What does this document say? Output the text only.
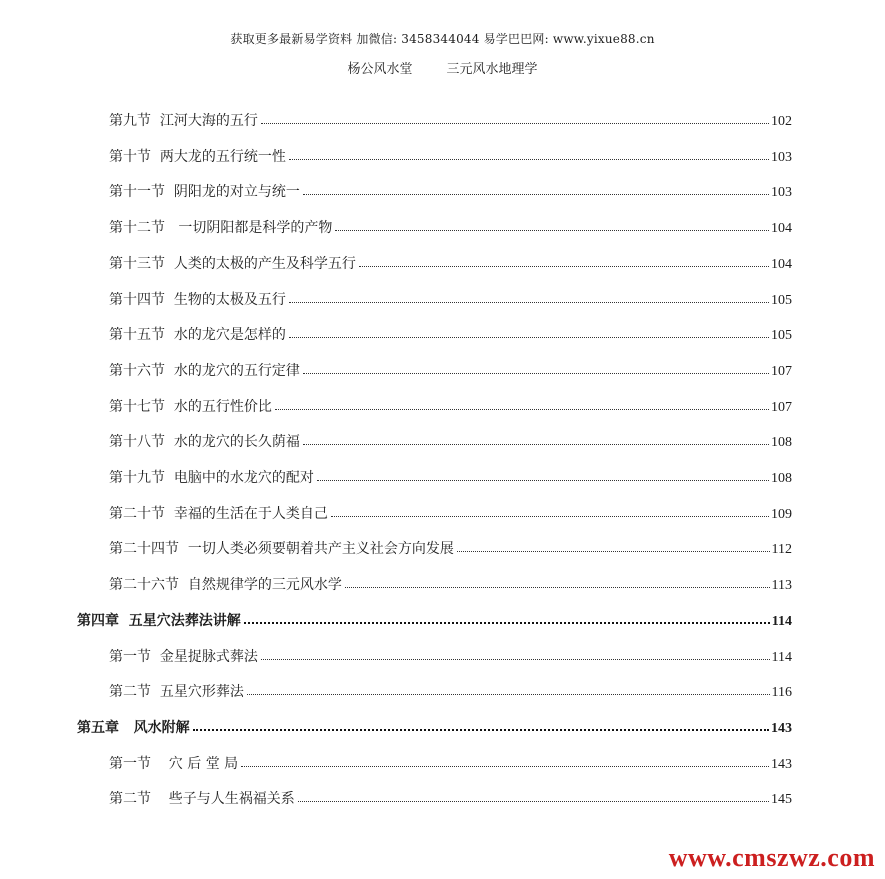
获取更多最新易学资料 加微信: 3458344044 易学巴巴网: www.yixue88.cn
杨公风水堂	三元风水地理学
第九节  江河大海的五行	102
第十节  两大龙的五行统一性	103
第十一节  阴阳龙的对立与统一	103
第十二节   一切阴阳都是科学的产物	104
第十三节  人类的太极的产生及科学五行	104
第十四节  生物的太极及五行	105
第十五节  水的龙穴是怎样的	105
第十六节  水的龙穴的五行定律	107
第十七节  水的五行性价比	107
第十八节  水的龙穴的长久荫福	108
第十九节  电脑中的水龙穴的配对	108
第二十节  幸福的生活在于人类自己	109
第二十四节  一切人类必须要朝着共产主义社会方向发展	112
第二十六节  自然规律学的三元风水学	113
第四章  五星穴法葬法讲解	114
第一节  金星捉脉式葬法	114
第二节  五星穴形葬法	116
第五章   风水附解	143
第一节    穴 后 堂 局	143
第二节    些子与人生祸福关系	145
www.cmszwz.com
